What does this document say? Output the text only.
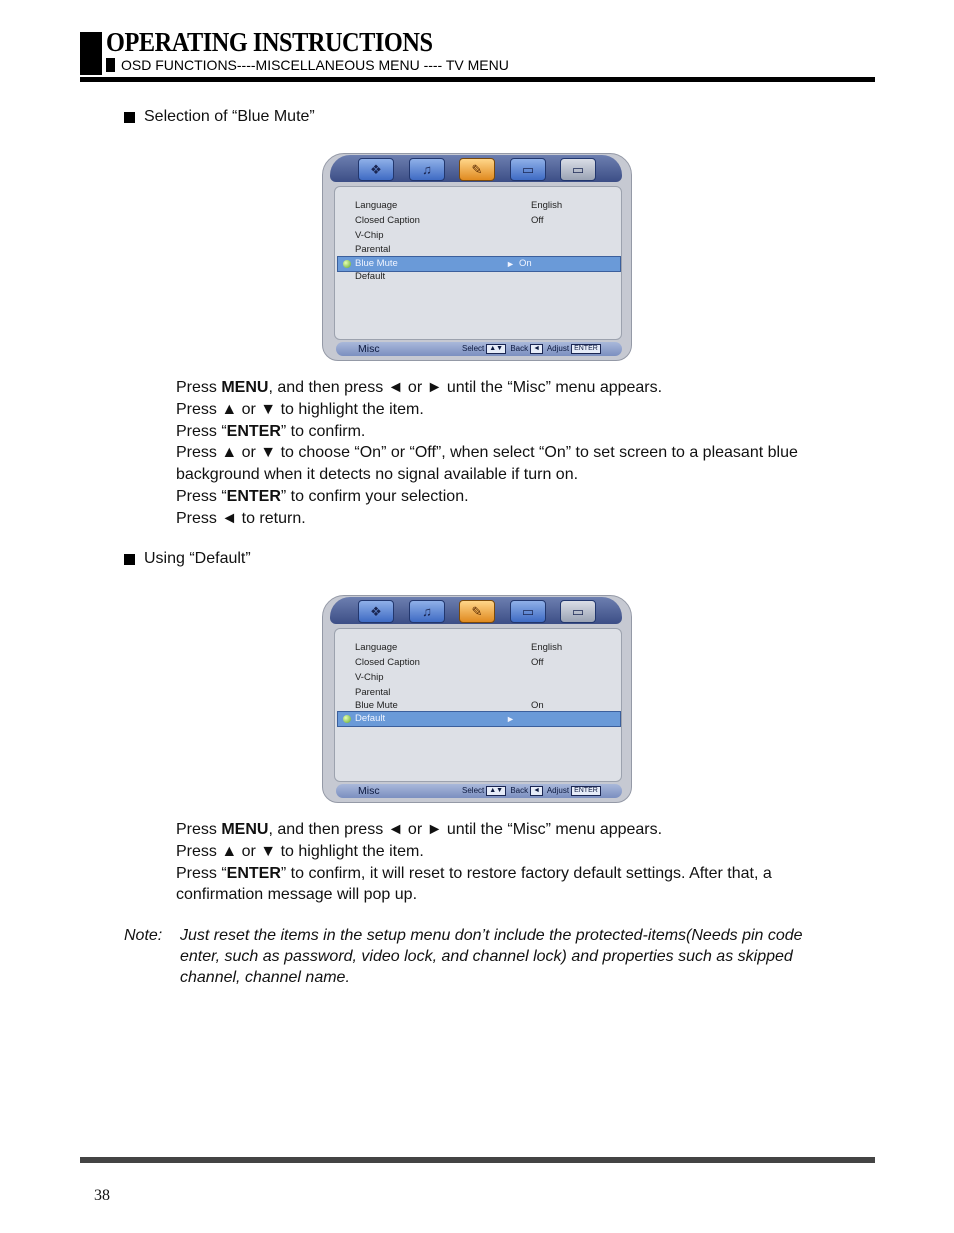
OPERATING INSTRUCTIONS
OSD FUNCTIONS----MISCELLANEOUS MENU ---- TV MENU
Selection of “Blue Mute”
❖	♫	✎	▭	▭
Language	English
Closed Caption	Off
V-Chip
Parental
Blue Mute	► On
Default
Misc	Select ▲▼ Back ◄ Adjust ENTER

Press MENU, and then press ◄ or ► until the “Misc” menu appears.

Press ▲ or ▼ to highlight the item.

Press “ENTER” to confirm.

Press ▲ or ▼ to choose “On” or “Off”, when select “On” to set screen to a pleasant blue background when it detects no signal available if turn on.

Press “ENTER” to confirm your selection.

Press ◄ to return.

Using “Default”
❖	♫	✎	▭	▭
Language	English
Closed Caption	Off
V-Chip
Parental
Blue Mute	On
Default	►
Misc	Select ▲▼ Back ◄ Adjust ENTER

Press MENU, and then press ◄ or ► until the “Misc” menu appears.

Press ▲ or ▼ to highlight the item.

Press “ENTER” to confirm, it will reset to restore factory default settings. After that, a confirmation message will pop up.

Note: Just reset the items in the setup menu don’t include the protected-items(Needs pin code enter, such as password, video lock, and channel lock) and properties such as skipped channel, channel name.
38
